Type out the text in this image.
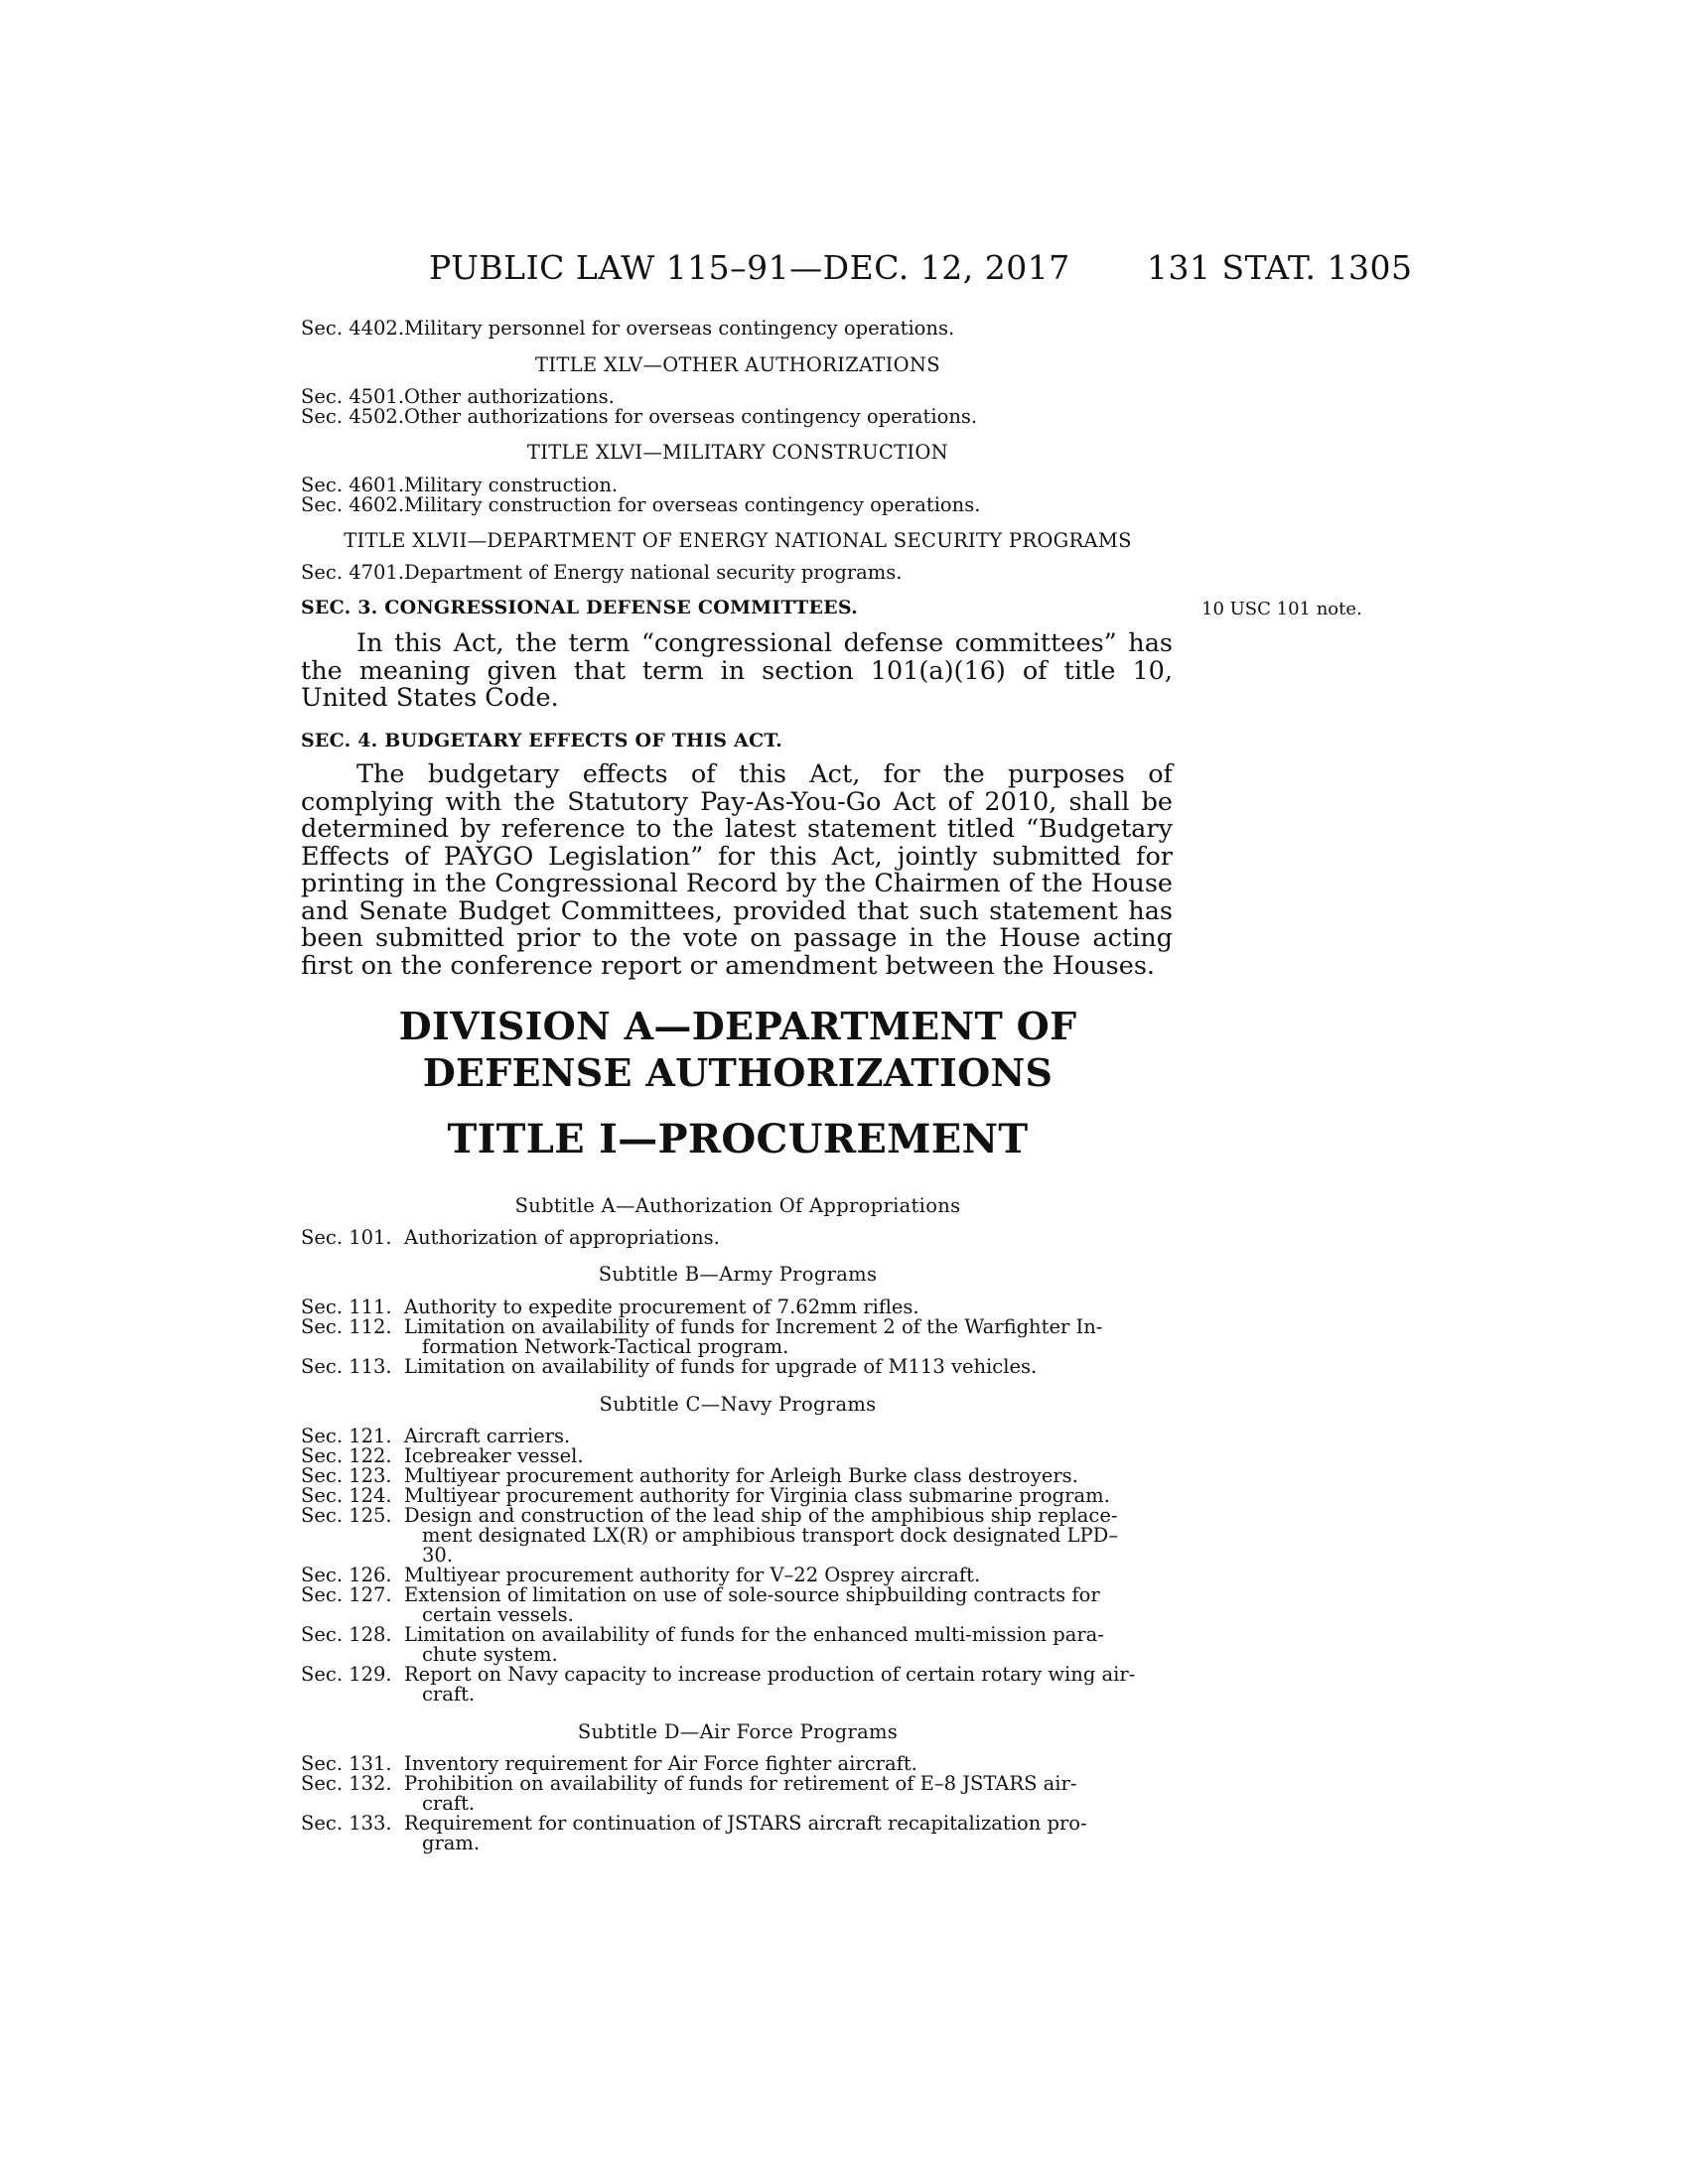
PUBLIC LAW 115–91—DEC. 12, 2017 131 STAT. 1305
Sec. 4402. Military personnel for overseas contingency operations.
TITLE XLV—OTHER AUTHORIZATIONS
Sec. 4501. Other authorizations.
Sec. 4502. Other authorizations for overseas contingency operations.
TITLE XLVI—MILITARY CONSTRUCTION
Sec. 4601. Military construction.
Sec. 4602. Military construction for overseas contingency operations.
TITLE XLVII—DEPARTMENT OF ENERGY NATIONAL SECURITY PROGRAMS
Sec. 4701. Department of Energy national security programs.
SEC. 3. CONGRESSIONAL DEFENSE COMMITTEES.	10 USC 101 note.
In this Act, the term “congressional defense committees” has the meaning given that term in section 101(a)(16) of title 10, United States Code.
SEC. 4. BUDGETARY EFFECTS OF THIS ACT.
The budgetary effects of this Act, for the purposes of complying with the Statutory Pay-As-You-Go Act of 2010, shall be determined by reference to the latest statement titled “Budgetary Effects of PAYGO Legislation” for this Act, jointly submitted for printing in the Congressional Record by the Chairmen of the House and Senate Budget Committees, provided that such statement has been submitted prior to the vote on passage in the House acting first on the conference report or amendment between the Houses.
DIVISION A—DEPARTMENT OF
DEFENSE AUTHORIZATIONS
TITLE I—PROCUREMENT
Subtitle A—Authorization Of Appropriations
Sec. 101. Authorization of appropriations.
Subtitle B—Army Programs
Sec. 111. Authority to expedite procurement of 7.62mm rifles.
Sec. 112. Limitation on availability of funds for Increment 2 of the Warfighter In-
formation Network-Tactical program.
Sec. 113. Limitation on availability of funds for upgrade of M113 vehicles.
Subtitle C—Navy Programs
Sec. 121. Aircraft carriers.
Sec. 122. Icebreaker vessel.
Sec. 123. Multiyear procurement authority for Arleigh Burke class destroyers.
Sec. 124. Multiyear procurement authority for Virginia class submarine program.
Sec. 125. Design and construction of the lead ship of the amphibious ship replace-
ment designated LX(R) or amphibious transport dock designated LPD–
30.
Sec. 126. Multiyear procurement authority for V–22 Osprey aircraft.
Sec. 127. Extension of limitation on use of sole-source shipbuilding contracts for
certain vessels.
Sec. 128. Limitation on availability of funds for the enhanced multi-mission para-
chute system.
Sec. 129. Report on Navy capacity to increase production of certain rotary wing air-
craft.
Subtitle D—Air Force Programs
Sec. 131. Inventory requirement for Air Force fighter aircraft.
Sec. 132. Prohibition on availability of funds for retirement of E–8 JSTARS air-
craft.
Sec. 133. Requirement for continuation of JSTARS aircraft recapitalization pro-
gram.
